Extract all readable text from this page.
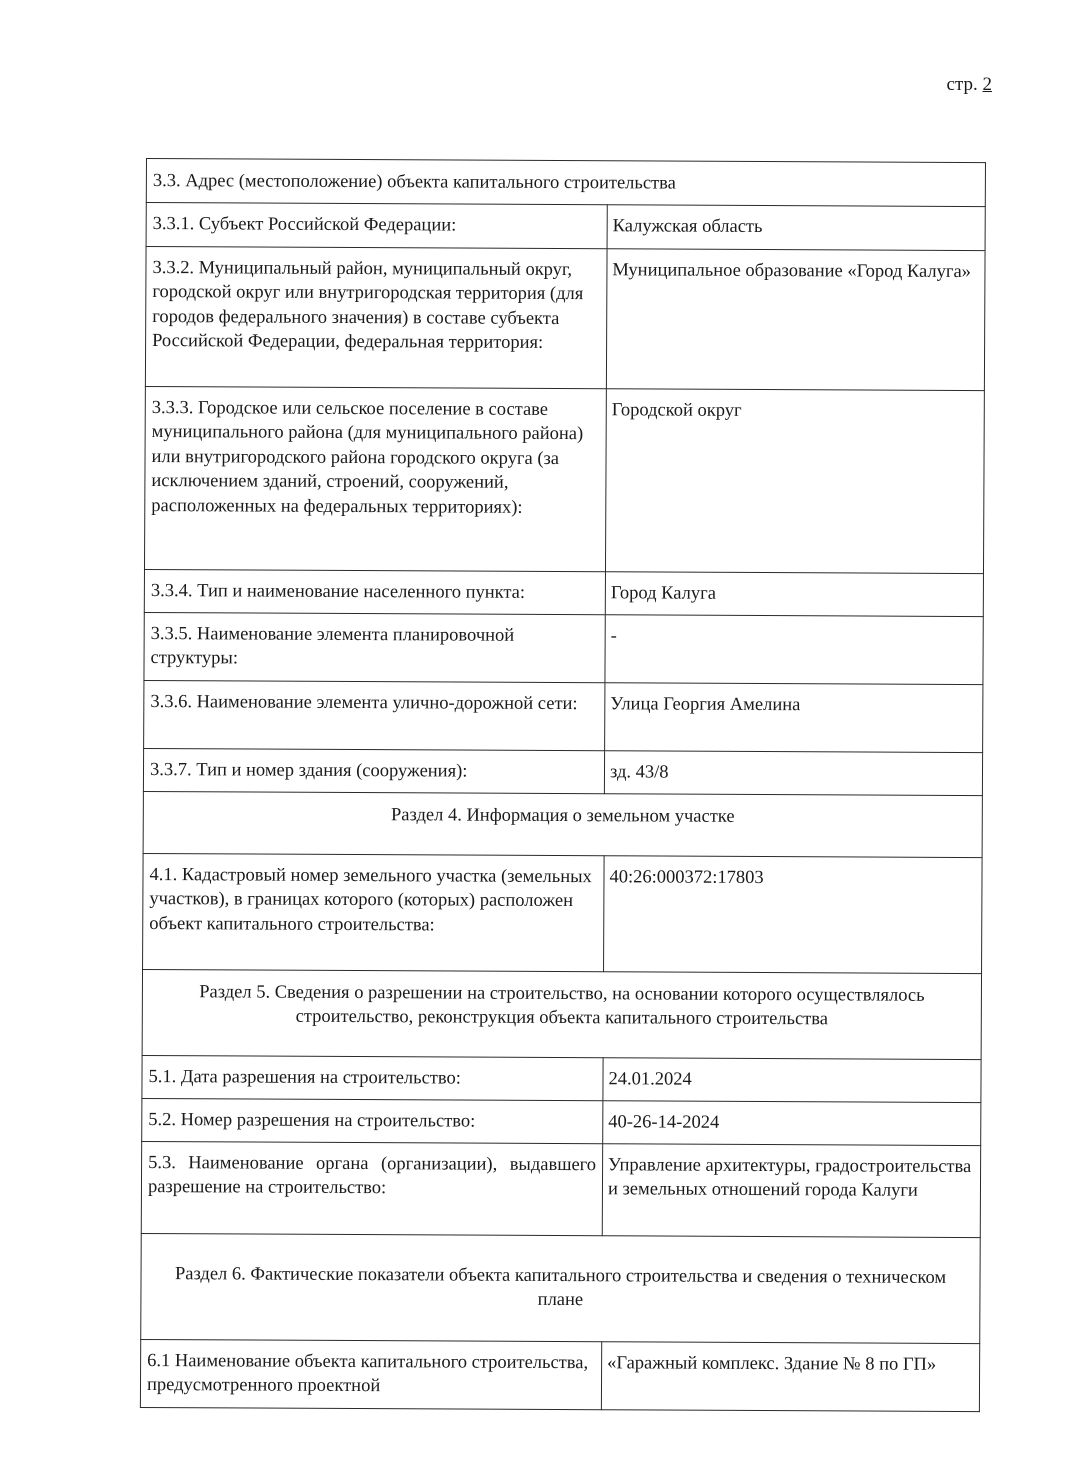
стр. 2
3.3. Адрес (местоположение) объекта капитального строительства	
3.3.1. Субъект Российской Федерации:	Калужская область
3.3.2. Муниципальный район, муниципальный округ, городской округ или внутригородская территория (для городов федерального значения) в составе субъекта Российской Федерации, федеральная территория:	Муниципальное образование «Город Калуга»
3.3.3. Городское или сельское поселение в составе муниципального района (для муниципального района) или внутригородского района городского округа (за исключением зданий, строений, сооружений, расположенных на федеральных территориях):	Городской округ
3.3.4. Тип и наименование населенного пункта:	Город Калуга
3.3.5. Наименование элемента планировочной структуры:	-
3.3.6. Наименование элемента улично-дорожной сети:	Улица Георгия Амелина
3.3.7. Тип и номер здания (сооружения):	зд. 43/8
Раздел 4. Информация о земельном участке	
4.1. Кадастровый номер земельного участка (земельных участков), в границах которого (которых) расположен объект капитального строительства:	40:26:000372:17803
Раздел 5. Сведения о разрешении на строительство, на основании которого осуществлялось строительство, реконструкция объекта капитального строительства	
5.1. Дата разрешения на строительство:	24.01.2024
5.2. Номер разрешения на строительство:	40-26-14-2024
5.3. Наименование органа (организации), выдавшего разрешение на строительство:	Управление архитектуры, градостроительства и земельных отношений города Калуги
Раздел 6. Фактические показатели объекта капитального строительства и сведения о техническом плане	
6.1 Наименование объекта капитального строительства, предусмотренного проектной	«Гаражный комплекс. Здание № 8 по ГП»
